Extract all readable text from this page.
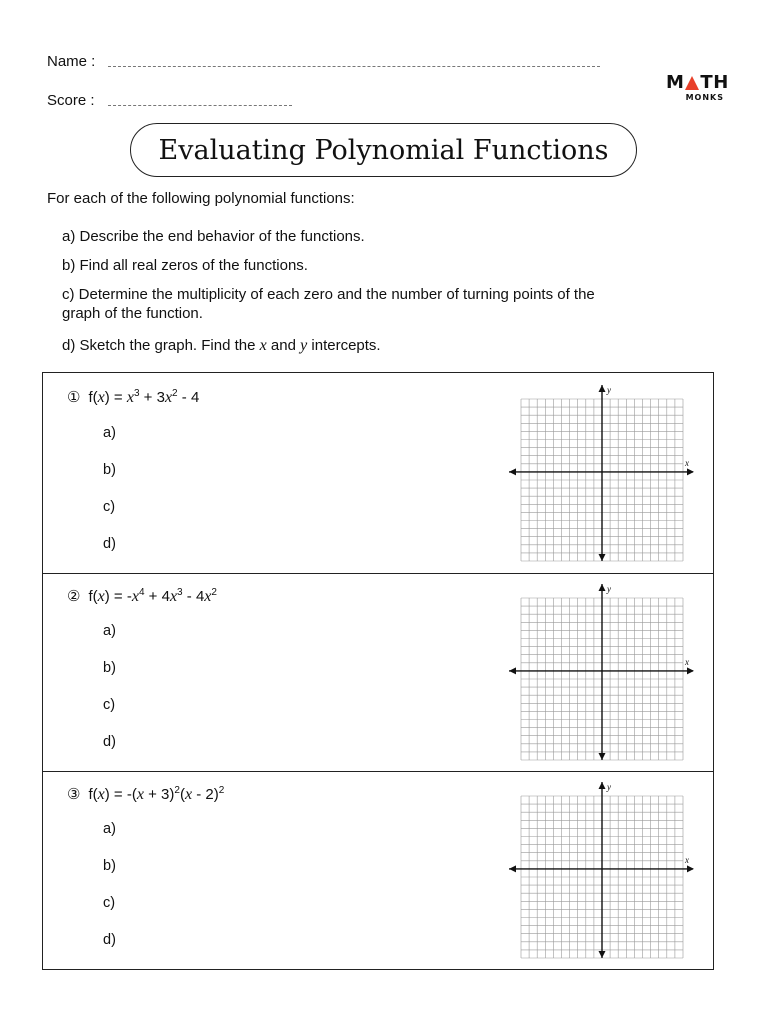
Name :
Score :
M TH
MONKS
Evaluating Polynomial Functions
For each of the following polynomial functions:
a) Describe the end behavior of the functions.
b) Find all real zeros of the functions.
c) Determine the multiplicity of each zero and the number of turning points of the
graph of the function.
d) Sketch the graph. Find the x and y intercepts.
① $f(x) = x^3 + 3x^2 - 4$
a)
b)
c)
d)
x
y
② $f(x) = -x^4 + 4x^3 - 4x^2$
a)
b)
c)
d)
x
y
③ $f(x) = -(x + 3)^2(x - 2)^2$
a)
b)
c)
d)
x
y
